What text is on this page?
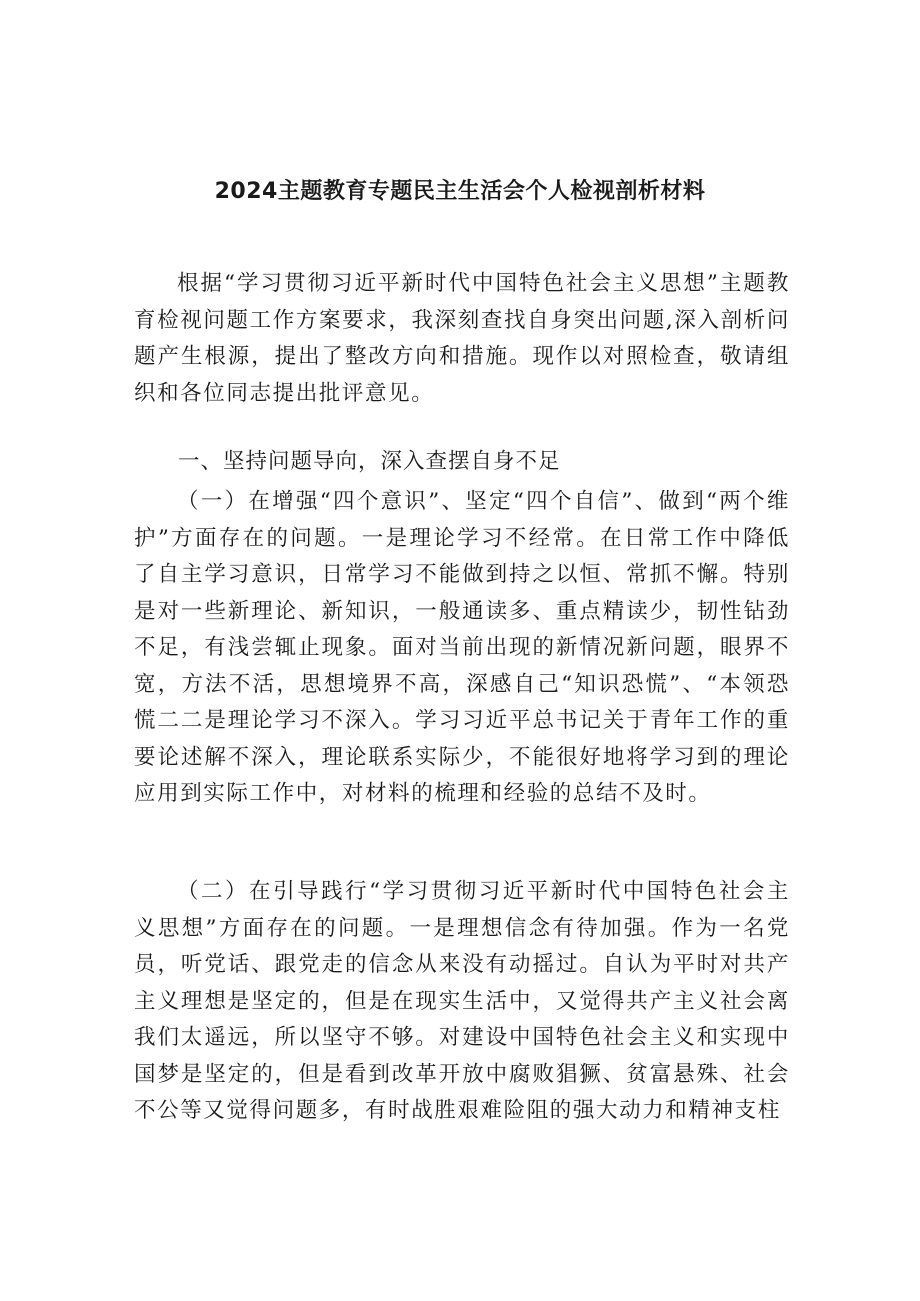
2024主题教育专题民主生活会个人检视剖析材料

根据“学习贯彻习近平新时代中国特色社会主义思想”主题教育检视问题工作方案要求，我深刻查找自身突出问题,深入剖析问题产生根源，提出了整改方向和措施。现作以对照检查，敬请组织和各位同志提出批评意见。

一、坚持问题导向，深入查摆自身不足

（一）在增强“四个意识”、坚定“四个自信”、做到“两个维护”方面存在的问题。一是理论学习不经常。在日常工作中降低了自主学习意识，日常学习不能做到持之以恒、常抓不懈。特别是对一些新理论、新知识，一般通读多、重点精读少，韧性钻劲不足，有浅尝辄止现象。面对当前出现的新情况新问题，眼界不宽，方法不活，思想境界不高，深感自己“知识恐慌”、“本领恐慌二二是理论学习不深入。学习习近平总书记关于青年工作的重要论述解不深入，理论联系实际少，不能很好地将学习到的理论应用到实际工作中，对材料的梳理和经验的总结不及时。

（二）在引导践行“学习贯彻习近平新时代中国特色社会主义思想”方面存在的问题。一是理想信念有待加强。作为一名党员，听党话、跟党走的信念从来没有动摇过。自认为平时对共产主义理想是坚定的，但是在现实生活中，又觉得共产主义社会离我们太遥远，所以坚守不够。对建设中国特色社会主义和实现中国梦是坚定的，但是看到改革开放中腐败猖獗、贫富悬殊、社会不公等又觉得问题多，有时战胜艰难险阻的强大动力和精神支柱
